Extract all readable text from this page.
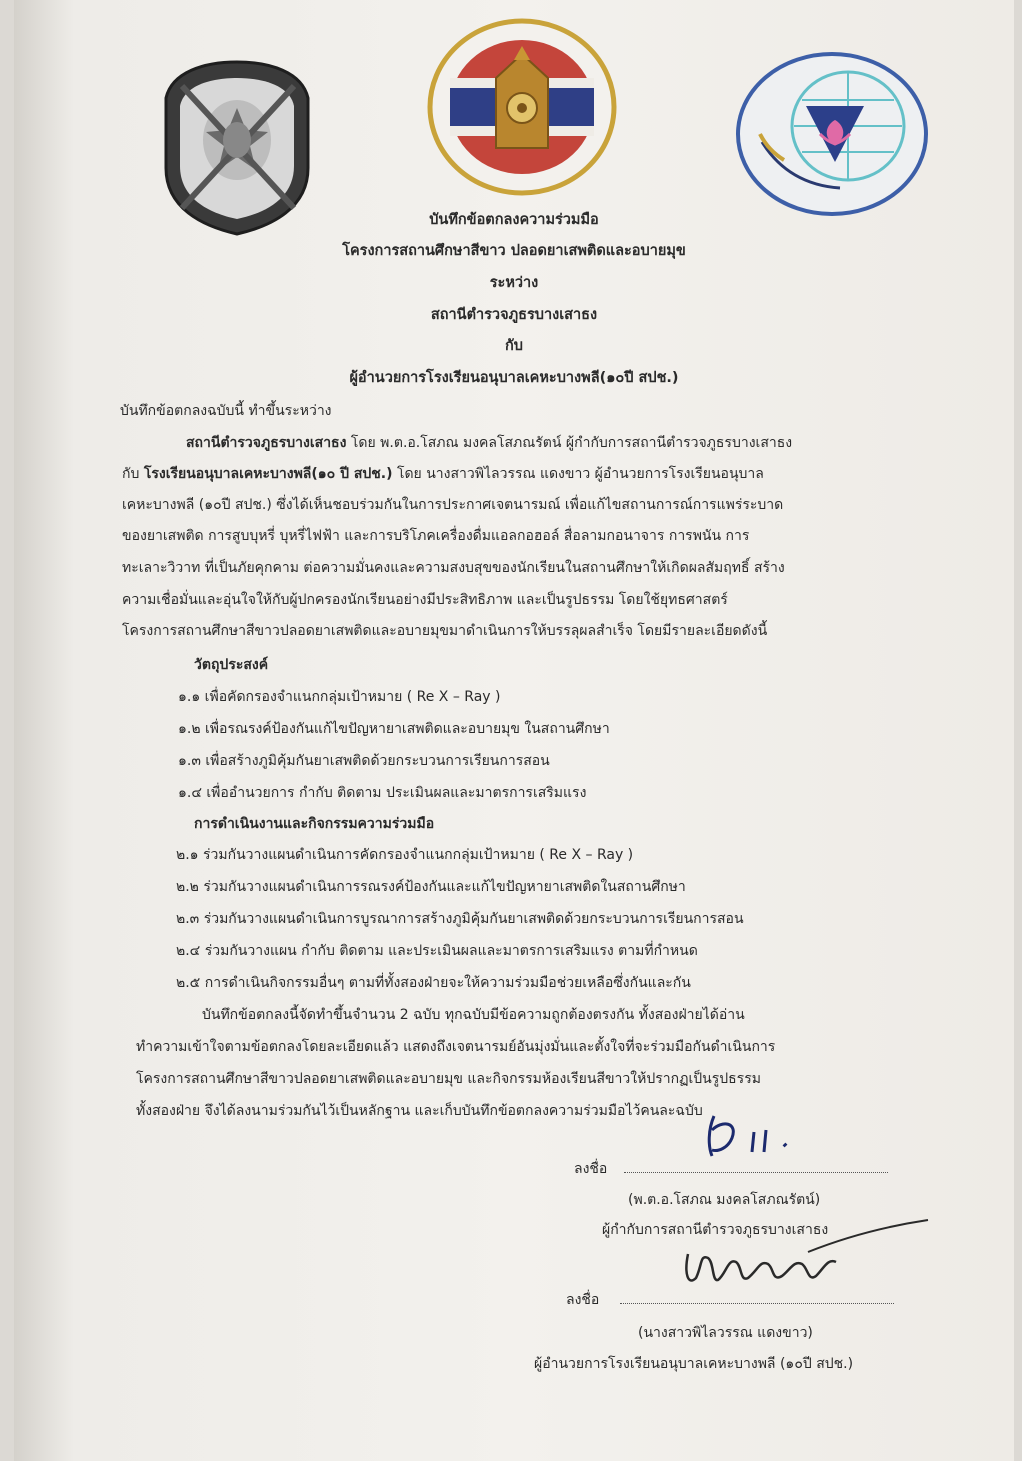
บันทึกข้อตกลงความร่วมมือ
โครงการสถานศึกษาสีขาว ปลอดยาเสพติดและอบายมุข
ระหว่าง
สถานีตำรวจภูธรบางเสาธง
กับ
ผู้อำนวยการโรงเรียนอนุบาลเคหะบางพลี(๑๐ปี สปช.)
บันทึกข้อตกลงฉบับนี้ ทำขึ้นระหว่าง
สถานีตำรวจภูธรบางเสาธง โดย พ.ต.อ.โสภณ มงคลโสภณรัตน์ ผู้กำกับการสถานีตำรวจภูธรบางเสาธง
กับ โรงเรียนอนุบาลเคหะบางพลี(๑๐ ปี สปช.) โดย นางสาวพิไลวรรณ แดงขาว ผู้อำนวยการโรงเรียนอนุบาล
เคหะบางพลี (๑๐ปี สปช.) ซึ่งได้เห็นชอบร่วมกันในการประกาศเจตนารมณ์ เพื่อแก้ไขสถานการณ์การแพร่ระบาด
ของยาเสพติด การสูบบุหรี่ บุหรี่ไฟฟ้า และการบริโภคเครื่องดื่มแอลกอฮอล์ สื่อลามกอนาจาร การพนัน การ
ทะเลาะวิวาท ที่เป็นภัยคุกคาม ต่อความมั่นคงและความสงบสุขของนักเรียนในสถานศึกษาให้เกิดผลสัมฤทธิ์ สร้าง
ความเชื่อมั่นและอุ่นใจให้กับผู้ปกครองนักเรียนอย่างมีประสิทธิภาพ และเป็นรูปธรรม โดยใช้ยุทธศาสตร์
โครงการสถานศึกษาสีขาวปลอดยาเสพติดและอบายมุขมาดำเนินการให้บรรลุผลสำเร็จ โดยมีรายละเอียดดังนี้
วัตถุประสงค์
๑.๑ เพื่อคัดกรองจำแนกกลุ่มเป้าหมาย ( Re X – Ray )
๑.๒ เพื่อรณรงค์ป้องกันแก้ไขปัญหายาเสพติดและอบายมุข ในสถานศึกษา
๑.๓ เพื่อสร้างภูมิคุ้มกันยาเสพติดด้วยกระบวนการเรียนการสอน
๑.๔ เพื่ออำนวยการ กำกับ ติดตาม ประเมินผลและมาตรการเสริมแรง
การดำเนินงานและกิจกรรมความร่วมมือ
๒.๑ ร่วมกันวางแผนดำเนินการคัดกรองจำแนกกลุ่มเป้าหมาย ( Re X – Ray )
๒.๒ ร่วมกันวางแผนดำเนินการรณรงค์ป้องกันและแก้ไขปัญหายาเสพติดในสถานศึกษา
๒.๓ ร่วมกันวางแผนดำเนินการบูรณาการสร้างภูมิคุ้มกันยาเสพติดด้วยกระบวนการเรียนการสอน
๒.๔ ร่วมกันวางแผน กำกับ ติดตาม และประเมินผลและมาตรการเสริมแรง ตามที่กำหนด
๒.๕ การดำเนินกิจกรรมอื่นๆ ตามที่ทั้งสองฝ่ายจะให้ความร่วมมือช่วยเหลือซึ่งกันและกัน
บันทึกข้อตกลงนี้จัดทำขึ้นจำนวน 2 ฉบับ ทุกฉบับมีข้อความถูกต้องตรงกัน ทั้งสองฝ่ายได้อ่าน
ทำความเข้าใจตามข้อตกลงโดยละเอียดแล้ว แสดงถึงเจตนารมย์อันมุ่งมั่นและตั้งใจที่จะร่วมมือกันดำเนินการ
โครงการสถานศึกษาสีขาวปลอดยาเสพติดและอบายมุข และกิจกรรมห้องเรียนสีขาวให้ปรากฏเป็นรูปธรรม
ทั้งสองฝ่าย จึงได้ลงนามร่วมกันไว้เป็นหลักฐาน และเก็บบันทึกข้อตกลงความร่วมมือไว้คนละฉบับ
ลงชื่อ
(พ.ต.อ.โสภณ มงคลโสภณรัตน์)
ผู้กำกับการสถานีตำรวจภูธรบางเสาธง
ลงชื่อ
(นางสาวพิไลวรรณ แดงขาว)
ผู้อำนวยการโรงเรียนอนุบาลเคหะบางพลี (๑๐ปี สปช.)
